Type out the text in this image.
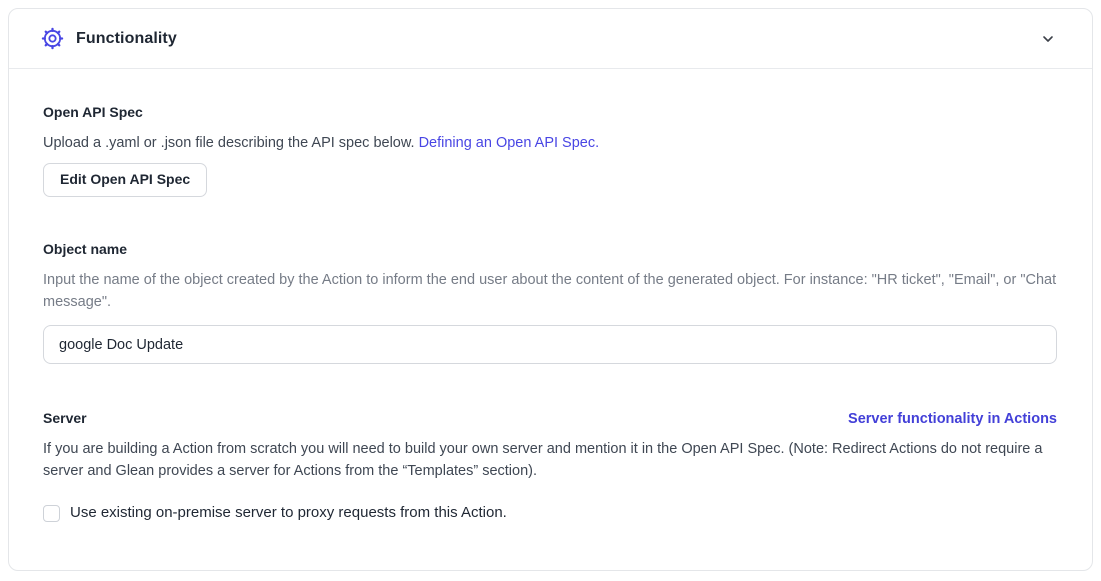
Functionality

Open API Spec

Upload a .yaml or .json file describing the API spec below. Defining an Open API Spec.

Edit Open API Spec

Object name

Input the name of the object created by the Action to inform the end user about the content of the generated object. For instance: "HR ticket", "Email", or "Chat message".

google Doc Update

Server	Server functionality in Actions

If you are building a Action from scratch you will need to build your own server and mention it in the Open API Spec. (Note: Redirect Actions do not require a server and Glean provides a server for Actions from the “Templates” section).

Use existing on-premise server to proxy requests from this Action.
